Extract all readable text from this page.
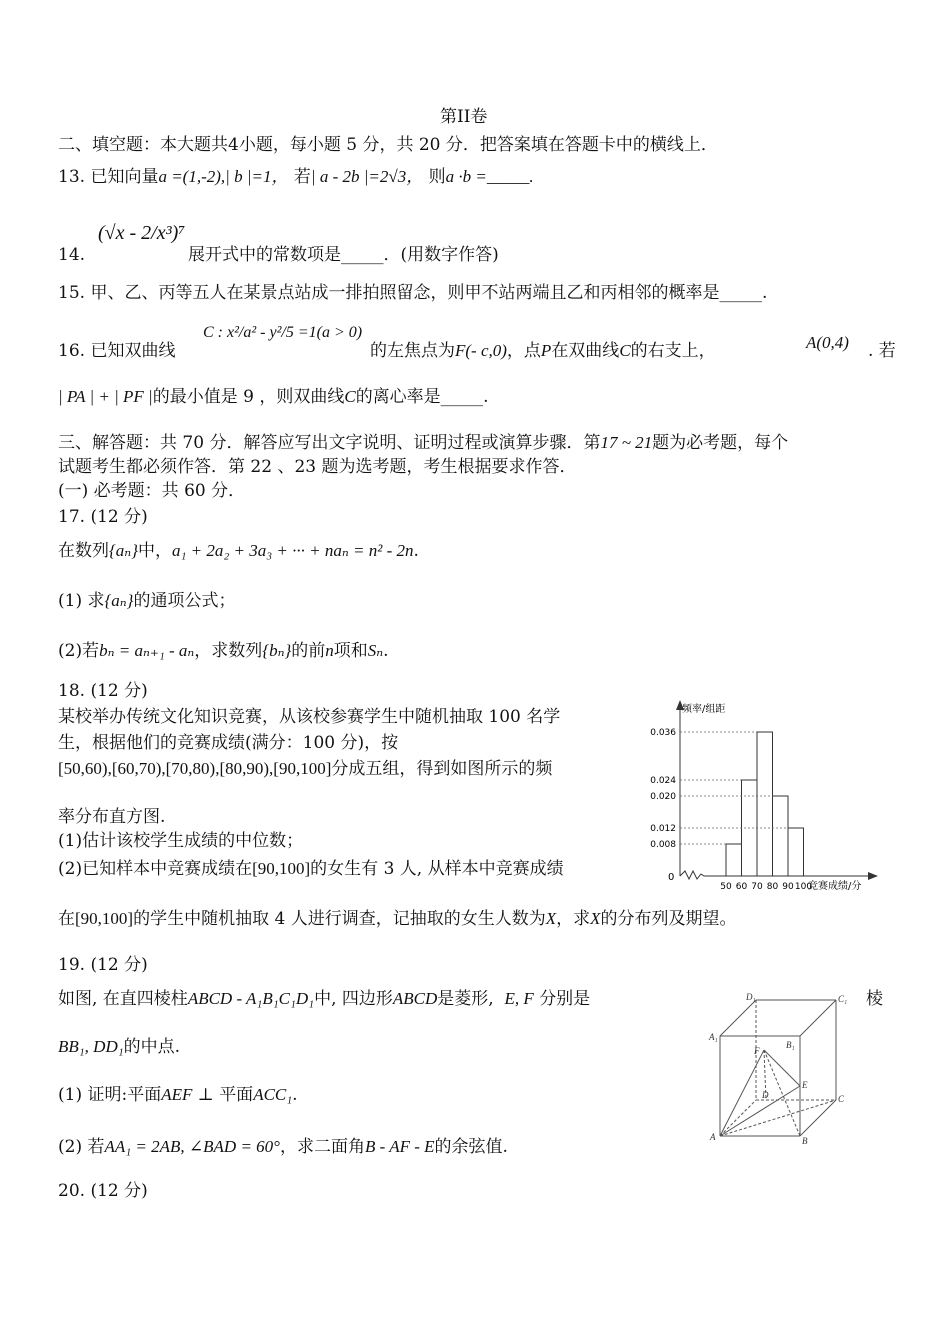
第II卷
二、填空题：本大题共4小题，每小题 5 分，共 20 分．把答案填在答题卡中的横线上．
13. 已知向量a =(1,-2),| b |=1， 若| a - 2b |=2√3， 则a ·b =_____.
14.
(√x - 2/x³)⁷
展开式中的常数项是_____．(用数字作答)
15. 甲、乙、丙等五人在某景点站成一排拍照留念，则甲不站两端且乙和丙相邻的概率是_____.
16. 已知双曲线
C : x²/a² - y²/5 =1(a > 0)
的左焦点为F(- c,0)，点P在双曲线C的右支上，	A(0,4) . 若
| PA | + | PF |的最小值是 9 ，则双曲线C的离心率是_____.
三、解答题：共 70 分．解答应写出文字说明、证明过程或演算步骤．第17 ~ 21题为必考题，每个
试题考生都必须作答．第 22 、23 题为选考题，考生根据要求作答．
(一) 必考题：共 60 分．
17. (12 分)
在数列{aₙ}中，a₁ + 2a₂ + 3a₃ + ··· + naₙ = n² - 2n.
(1) 求{aₙ}的通项公式；
(2)若bₙ = aₙ₊₁ - aₙ，求数列{bₙ}的前n项和Sₙ.
18. (12 分)
某校举办传统文化知识竞赛，从该校参赛学生中随机抽取 100 名学
生，根据他们的竞赛成绩(满分：100 分)，按
[50,60),[60,70),[70,80),[80,90),[90,100]分成五组，得到如图所示的频
率分布直方图.
(1)估计该校学生成绩的中位数；
(2)已知样本中竞赛成绩在[90,100]的女生有 3 人, 从样本中竞赛成绩
在[90,100]的学生中随机抽取 4 人进行调查，记抽取的女生人数为X，求X的分布列及期望。
频率/组距
竞赛成绩/分
0
0.036
0.024
0.020
0.012
0.008
50 60 70 80 90 100
19. (12 分)
如图, 在直四棱柱ABCD - A₁B₁C₁D₁中, 四边形ABCD是菱形, E, F 分别是	棱
BB₁, DD₁的中点.
(1) 证明:平面AEF ⊥ 平面ACC₁.
(2) 若AA₁ = 2AB, ∠BAD = 60°，求二面角B - AF - E的余弦值.
D₁	C₁
A₁
B₁
F
E
D	C
A	B
20. (12 分)
